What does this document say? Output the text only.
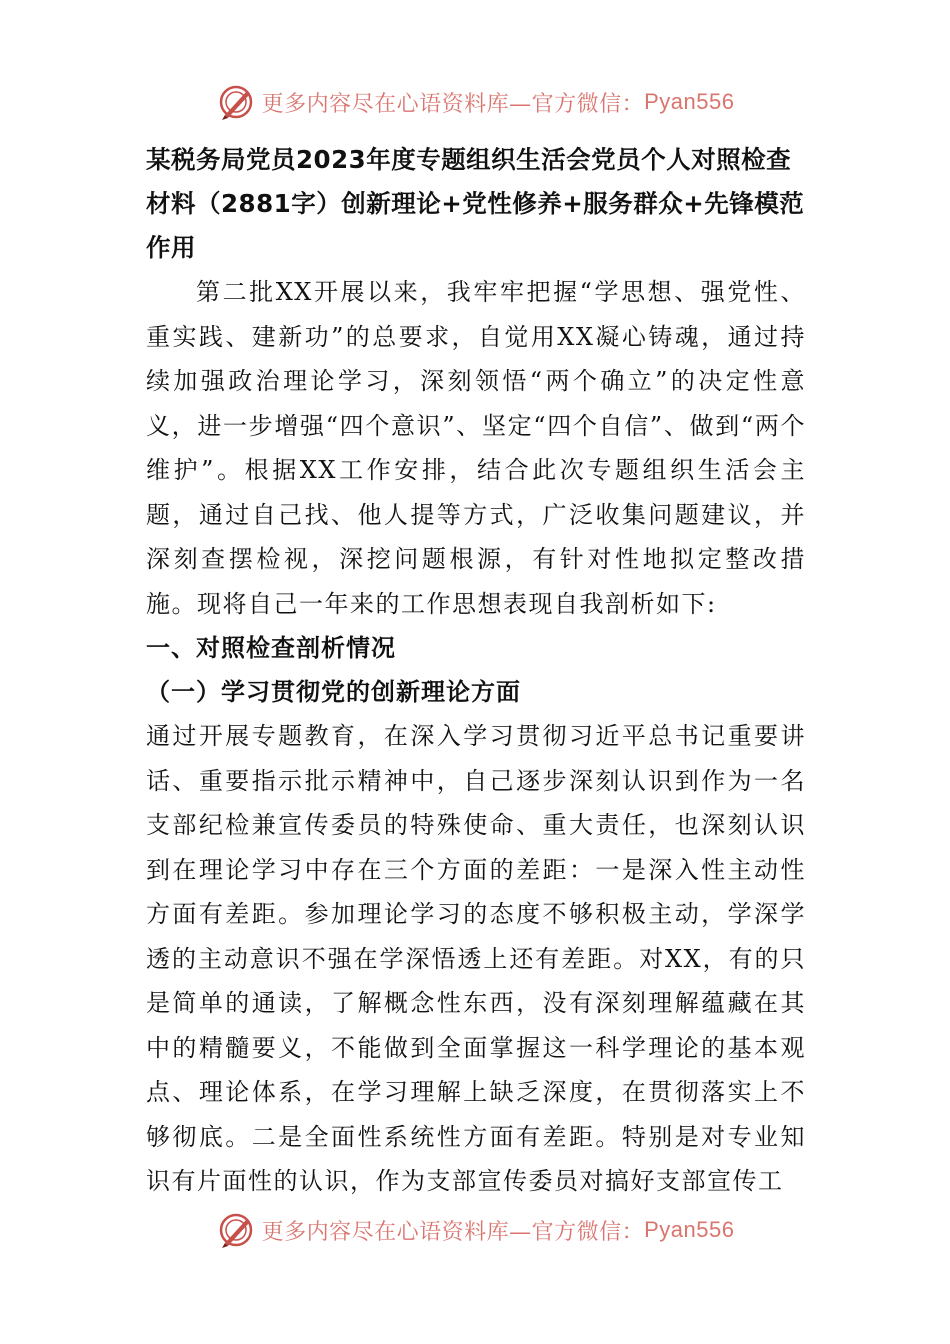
更多内容尽在心语资料库—官方微信： Pyan556

某税务局党员2023年度专题组织生活会党员个人对照检查材料（2881字）创新理论+党性修养+服务群众+先锋模范作用

第二批XX开展以来，我牢牢把握“学思想、强党性、重实践、建新功”的总要求，自觉用XX凝心铸魂，通过持续加强政治理论学习，深刻领悟“两个确立”的决定性意义，进一步增强“四个意识”、坚定“四个自信”、做到“两个维护”。根据XX工作安排，结合此次专题组织生活会主题，通过自己找、他人提等方式，广泛收集问题建议，并深刻查摆检视，深挖问题根源，有针对性地拟定整改措施。现将自己一年来的工作思想表现自我剖析如下:

一、对照检查剖析情况

（一）学习贯彻党的创新理论方面

通过开展专题教育，在深入学习贯彻习近平总书记重要讲话、重要指示批示精神中，自己逐步深刻认识到作为一名支部纪检兼宣传委员的特殊使命、重大责任，也深刻认识到在理论学习中存在三个方面的差距：一是深入性主动性方面有差距。参加理论学习的态度不够积极主动，学深学透的主动意识不强在学深悟透上还有差距。对XX，有的只是简单的通读，了解概念性东西，没有深刻理解蕴藏在其中的精髓要义，不能做到全面掌握这一科学理论的基本观点、理论体系，在学习理解上缺乏深度，在贯彻落实上不够彻底。二是全面性系统性方面有差距。特别是对专业知识有片面性的认识，作为支部宣传委员对搞好支部宣传工

更多内容尽在心语资料库—官方微信： Pyan556
